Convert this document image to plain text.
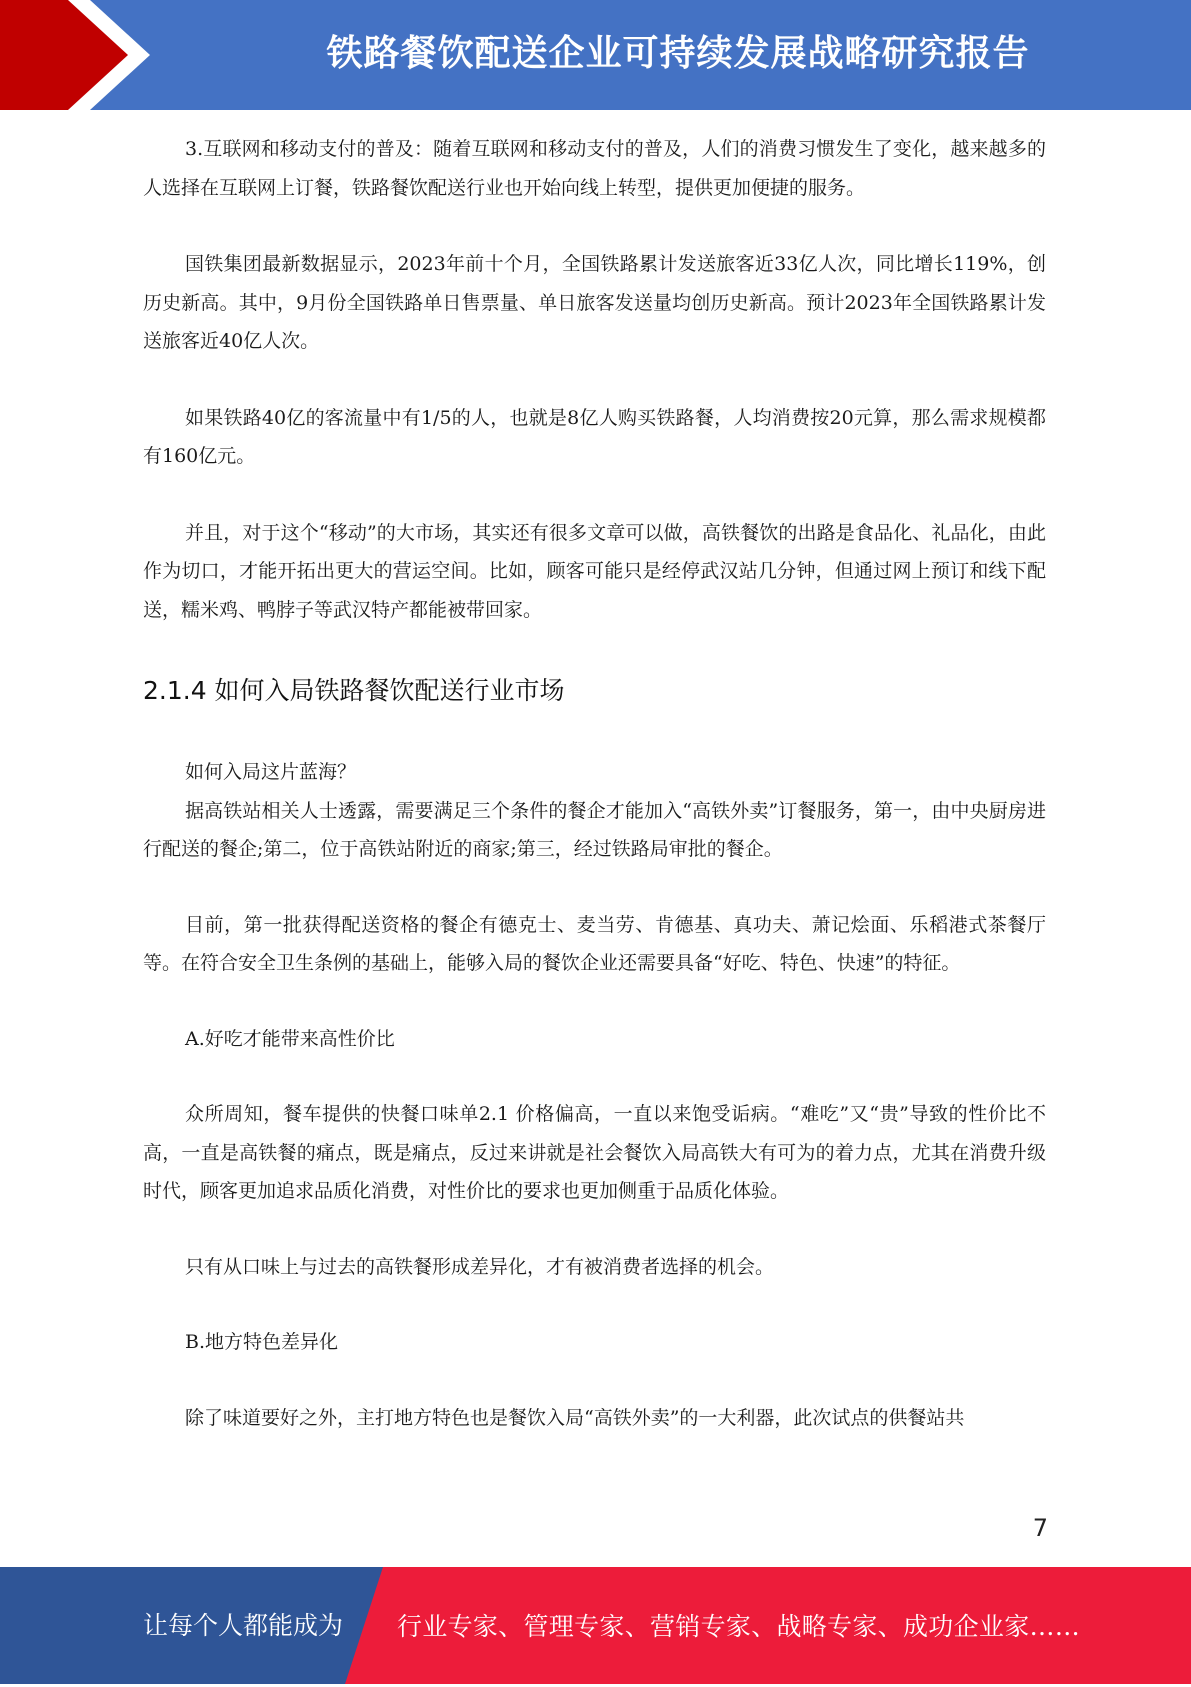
铁路餐饮配送企业可持续发展战略研究报告

3.互联网和移动支付的普及：随着互联网和移动支付的普及，人们的消费习惯发生了变化，越来越多的人选择在互联网上订餐，铁路餐饮配送行业也开始向线上转型，提供更加便捷的服务。

国铁集团最新数据显示，2023年前十个月，全国铁路累计发送旅客近33亿人次，同比增长119%，创历史新高。其中，9月份全国铁路单日售票量、单日旅客发送量均创历史新高。预计2023年全国铁路累计发送旅客近40亿人次。

如果铁路40亿的客流量中有1/5的人，也就是8亿人购买铁路餐，人均消费按20元算，那么需求规模都有160亿元。

并且，对于这个“移动”的大市场，其实还有很多文章可以做，高铁餐饮的出路是食品化、礼品化，由此作为切口，才能开拓出更大的营运空间。比如，顾客可能只是经停武汉站几分钟，但通过网上预订和线下配送，糯米鸡、鸭脖子等武汉特产都能被带回家。

2.1.4 如何入局铁路餐饮配送行业市场

如何入局这片蓝海？

据高铁站相关人士透露，需要满足三个条件的餐企才能加入“高铁外卖”订餐服务，第一，由中央厨房进行配送的餐企;第二，位于高铁站附近的商家;第三，经过铁路局审批的餐企。

目前，第一批获得配送资格的餐企有德克士、麦当劳、肯德基、真功夫、萧记烩面、乐稻港式茶餐厅等。在符合安全卫生条例的基础上，能够入局的餐饮企业还需要具备“好吃、特色、快速”的特征。

A.好吃才能带来高性价比

众所周知，餐车提供的快餐口味单2.1 价格偏高，一直以来饱受诟病。“难吃”又“贵”导致的性价比不高，一直是高铁餐的痛点，既是痛点，反过来讲就是社会餐饮入局高铁大有可为的着力点，尤其在消费升级时代，顾客更加追求品质化消费，对性价比的要求也更加侧重于品质化体验。

只有从口味上与过去的高铁餐形成差异化，才有被消费者选择的机会。

B.地方特色差异化

除了味道要好之外，主打地方特色也是餐饮入局“高铁外卖”的一大利器，此次试点的供餐站共

7
让每个人都能成为 行业专家、管理专家、营销专家、战略专家、成功企业家……
